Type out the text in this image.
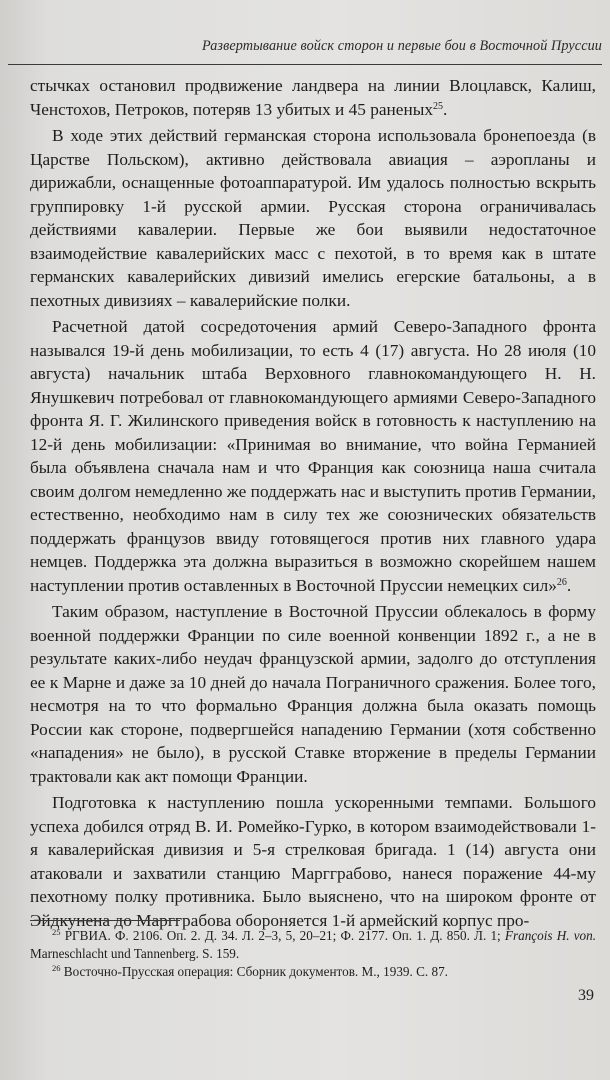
Развертывание войск сторон и первые бои в Восточной Пруссии

стычках остановил продвижение ландвера на линии Влоцлавск, Калиш, Ченстохов, Петроков, потеряв 13 убитых и 45 раненых$^{25}$.

В ходе этих действий германская сторона использовала бронепоезда (в Царстве Польском), активно действовала авиация – аэропланы и дирижабли, оснащенные фотоаппаратурой. Им удалось полностью вскрыть группировку 1-й русской армии. Русская сторона ограничивалась действиями кавалерии. Первые же бои выявили недостаточное взаимодействие кавалерийских масс с пехотой, в то время как в штате германских кавалерийских дивизий имелись егерские батальоны, а в пехотных дивизиях – кавалерийские полки.

Расчетной датой сосредоточения армий Северо-Западного фронта назывался 19-й день мобилизации, то есть 4 (17) августа. Но 28 июля (10 августа) начальник штаба Верховного главнокомандующего Н. Н. Янушкевич потребовал от главнокомандующего армиями Северо-Западного фронта Я. Г. Жилинского приведения войск в готовность к наступлению на 12-й день мобилизации: «Принимая во внимание, что война Германией была объявлена сначала нам и что Франция как союзница наша считала своим долгом немедленно же поддержать нас и выступить против Германии, естественно, необходимо нам в силу тех же союзнических обязательств поддержать французов ввиду готовящегося против них главного удара немцев. Поддержка эта должна выразиться в возможно скорейшем нашем наступлении против оставленных в Восточной Пруссии немецких сил»$^{26}$.

Таким образом, наступление в Восточной Пруссии облекалось в форму военной поддержки Франции по силе военной конвенции 1892 г., а не в результате каких-либо неудач французской армии, задолго до отступления ее к Марне и даже за 10 дней до начала Пограничного сражения. Более того, несмотря на то что формально Франция должна была оказать помощь России как стороне, подвергшейся нападению Германии (хотя собственно «нападения» не было), в русской Ставке вторжение в пределы Германии трактовали как акт помощи Франции.

Подготовка к наступлению пошла ускоренными темпами. Большого успеха добился отряд В. И. Ромейко-Гурко, в котором взаимодействовали 1-я кавалерийская дивизия и 5-я стрелковая бригада. 1 (14) августа они атаковали и захватили станцию Маргграбово, нанеся поражение 44-му пехотному полку противника. Было выяснено, что на широком фронте от Эйдкунена до Маргграбова обороняется 1-й армейский корпус про-

$^{25}$ РГВИА. Ф. 2106. Оп. 2. Д. 34. Л. 2–3, 5, 20–21; Ф. 2177. Оп. 1. Д. 850. Л. 1; François H. von. Marneschlacht und Tannenberg. S. 159.

$^{26}$ Восточно-Прусская операция: Сборник документов. М., 1939. С. 87.

39
